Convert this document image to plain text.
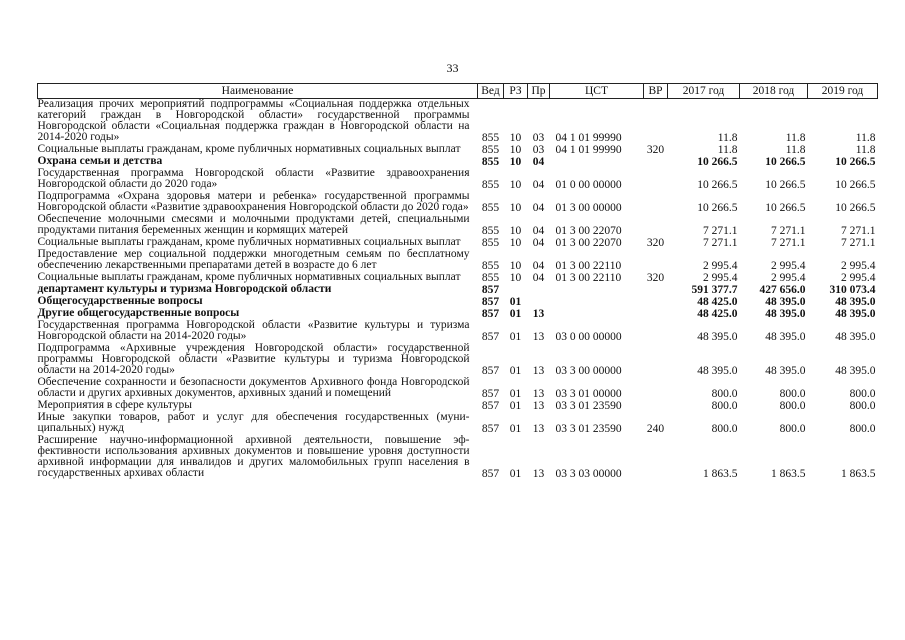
33
Наименование	Вед	РЗ	Пр	ЦСТ	ВР	2017 год	2018 год	2019 год
Реализация прочих мероприятий подпрограммы «Социальная поддержка отдельных категорий граждан в Новгородской области» государственной программы Новгородской области «Социальная поддержка граждан в Новгородской области на 2014-2020 годы»	855	10	03	04 1 01 99990		11.8	11.8	11.8
Социальные выплаты гражданам, кроме публичных нормативных социальных выплат	855	10	03	04 1 01 99990	320	11.8	11.8	11.8
Охрана семьи и детства	855	10	04			10 266.5	10 266.5	10 266.5
Государственная программа Новгородской области «Развитие здравоохранения Новгородской области до 2020 года»	855	10	04	01 0 00 00000		10 266.5	10 266.5	10 266.5
Подпрограмма «Охрана здоровья матери и ребенка» государственной программы Новгородской области «Развитие здравоохранения Новгородской области до 2020 года»	855	10	04	01 3 00 00000		10 266.5	10 266.5	10 266.5
Обеспечение молочными смесями и молочными продуктами детей, специальными продуктами питания беременных женщин и кормящих матерей	855	10	04	01 3 00 22070		7 271.1	7 271.1	7 271.1
Социальные выплаты гражданам, кроме публичных нормативных социальных выплат	855	10	04	01 3 00 22070	320	7 271.1	7 271.1	7 271.1
Предоставление мер социальной поддержки многодетным семьям по бесплатному обеспечению лекарственными препаратами детей в возрасте до 6 лет	855	10	04	01 3 00 22110		2 995.4	2 995.4	2 995.4
Социальные выплаты гражданам, кроме публичных нормативных социальных выплат	855	10	04	01 3 00 22110	320	2 995.4	2 995.4	2 995.4
департамент культуры и туризма Новгородской области	857					591 377.7	427 656.0	310 073.4
Общегосударственные вопросы	857	01				48 425.0	48 395.0	48 395.0
Другие общегосударственные вопросы	857	01	13			48 425.0	48 395.0	48 395.0
Государственная программа Новгородской области «Развитие культуры и туризма Новгородской области на 2014-2020 годы»	857	01	13	03 0 00 00000		48 395.0	48 395.0	48 395.0
Подпрограмма «Архивные учреждения Новгородской области» государственной программы Новгородской области «Развитие культуры и туризма Новгородской области на 2014-2020 годы»	857	01	13	03 3 00 00000		48 395.0	48 395.0	48 395.0
Обеспечение сохранности и безопасности документов Архивного фонда Новгородской области и других архивных документов, архивных зданий и помещений	857	01	13	03 3 01 00000		800.0	800.0	800.0
Мероприятия в сфере культуры	857	01	13	03 3 01 23590		800.0	800.0	800.0
Иные закупки товаров, работ и услуг для обеспечения государственных (муниципальных) нужд	857	01	13	03 3 01 23590	240	800.0	800.0	800.0
Расширение научно-информационной архивной деятельности, повышение эффективности использования архивных документов и повышение уровня доступности архивной информации для инвалидов и других маломобильных групп населения в государственных архивах области	857	01	13	03 3 03 00000		1 863.5	1 863.5	1 863.5
